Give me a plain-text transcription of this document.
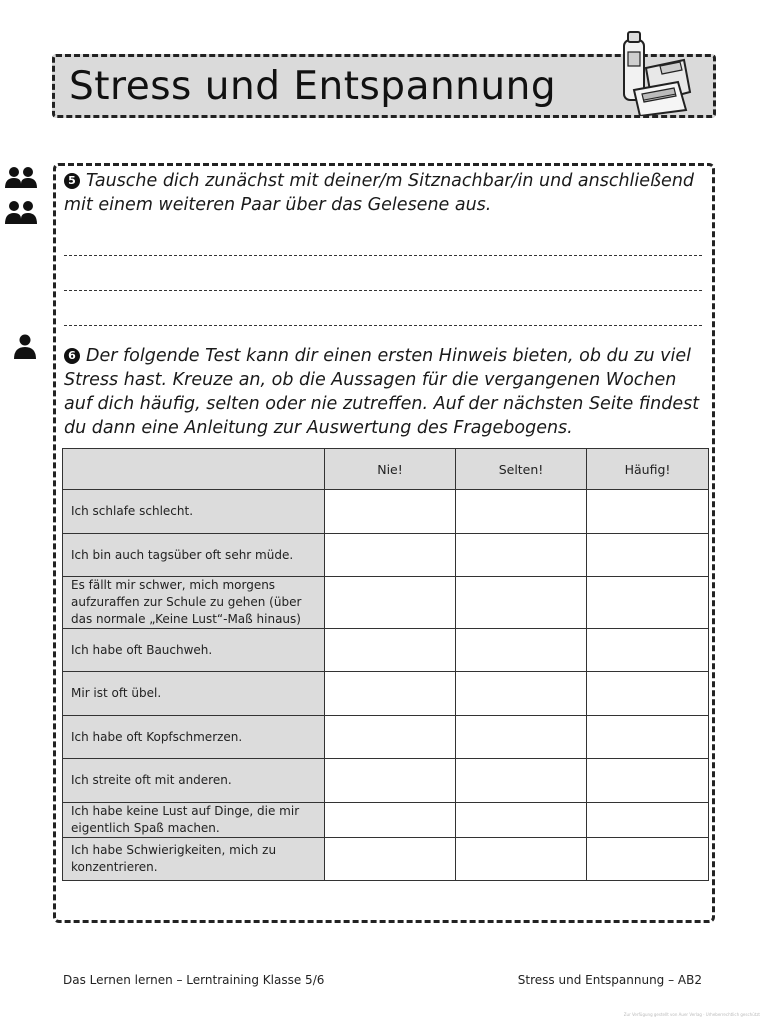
Stress und Entspannung
5 Tausche dich zunächst mit deiner/m Sitznachbar/in und anschließend mit einem weiteren Paar über das Gelesene aus.
6 Der folgende Test kann dir einen ersten Hinweis bieten, ob du zu viel Stress hast. Kreuze an, ob die Aussagen für die vergangenen Wochen auf dich häufig, selten oder nie zutreffen. Auf der nächsten Seite findest du dann eine Anleitung zur Auswertung des Fragebogens.
	Nie!	Selten!	Häufig!
Ich schlafe schlecht.			
Ich bin auch tagsüber oft sehr müde.			
Es fällt mir schwer, mich morgens aufzuraffen zur Schule zu gehen (über das normale „Keine Lust“-Maß hinaus)			
Ich habe oft Bauchweh.			
Mir ist oft übel.			
Ich habe oft Kopfschmerzen.			
Ich streite oft mit anderen.			
Ich habe keine Lust auf Dinge, die mir eigentlich Spaß machen.			
Ich habe Schwierigkeiten, mich zu konzentrieren.			
Das Lernen lernen – Lerntraining Klasse 5/6	Stress und Entspannung – AB2
Zur Verfügung gestellt von Auer Verlag · Urheberrechtlich geschützt
